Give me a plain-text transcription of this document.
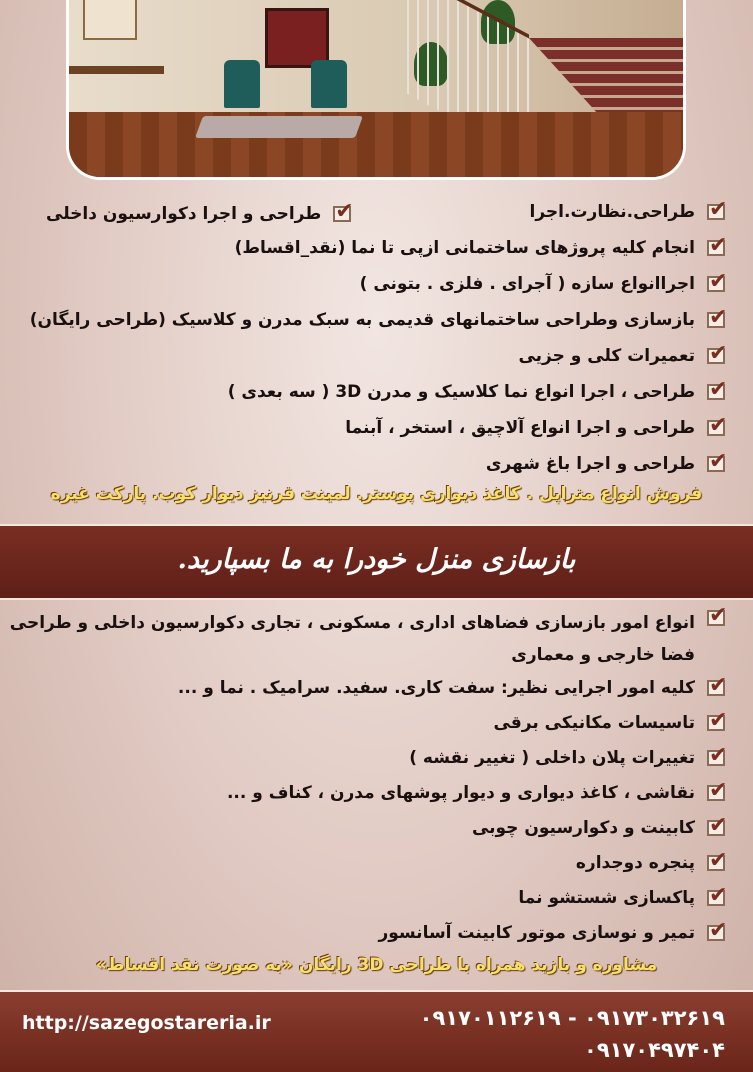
✔
طراحی و اجرا دکوارسیون داخلی	✔
طراحی.نظارت.اجرا
✔
انجام کلیه پروژهای ساختمانی ازپی تا نما (نقد_اقساط)
✔
اجراانواع سازه ( آجرای . فلزی . بتونی )
✔
بازسازی وطراحی ساختمانهای قدیمی به سبک مدرن و کلاسیک (طراحی رایگان)
✔
تعمیرات کلی و جزیی
✔
طراحی ، اجرا انواع نما کلاسیک و مدرن 3D ( سه بعدی )
✔
طراحی و اجرا انواع آلاچیق ، استخر ، آبنما
✔
طراحی و اجرا باغ شهری
فروش انواع متراپل . کاغذ دیواری پوستر. لمینت قرنیز دیوار کوب. پارکت غیره
بازسازی منزل خودرا به ما بسپارید.
✔
انواع امور بازسازی فضاهای اداری ، مسکونی ، تجاری دکوارسیون داخلی و طراحی فضا خارجی و معماری
✔
کلیه امور اجرایی نظیر: سفت کاری. سفید. سرامیک . نما و ...
✔
تاسیسات مکانیکی برقی
✔
تغییرات پلان داخلی ( تغییر نقشه )
✔
نقاشی ، کاغذ دیواری و دیوار پوشهای مدرن ، کناف و ...
✔
کابینت و دکوارسیون چوبی
✔
پنجره دوجداره
✔
پاکسازی شستشو نما
✔
تمیر و نوسازی موتور کابینت آسانسور
مشاوره و بازید همراه با طراحی 3D رایگان «به صورت نقد اقساط»
http://sazegostareria.ir	۰۹۱۷۰۱۱۲۶۱۹ - ۰۹۱۷۳۰۳۲۶۱۹
۰۹۱۷۰۴۹۷۴۰۴
